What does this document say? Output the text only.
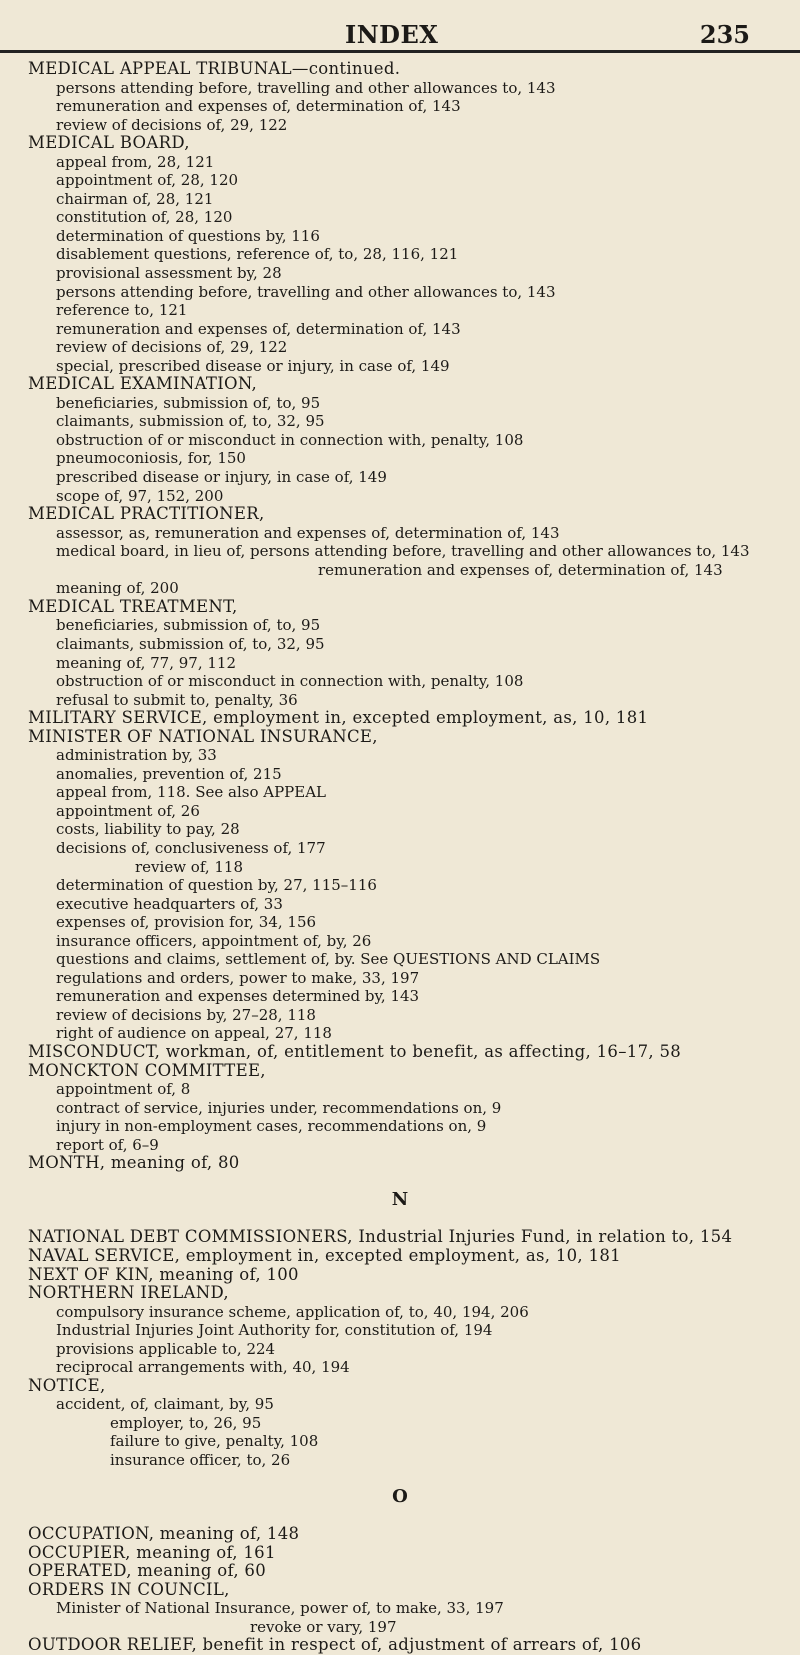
INDEX	235
MEDICAL APPEAL TRIBUNAL—continued.
persons attending before, travelling and other allowances to, 143
remuneration and expenses of, determination of, 143
review of decisions of, 29, 122
MEDICAL BOARD,
appeal from, 28, 121
appointment of, 28, 120
chairman of, 28, 121
constitution of, 28, 120
determination of questions by, 116
disablement questions, reference of, to, 28, 116, 121
provisional assessment by, 28
persons attending before, travelling and other allowances to, 143
reference to, 121
remuneration and expenses of, determination of, 143
review of decisions of, 29, 122
special, prescribed disease or injury, in case of, 149
MEDICAL EXAMINATION,
beneficiaries, submission of, to, 95
claimants, submission of, to, 32, 95
obstruction of or misconduct in connection with, penalty, 108
pneumoconiosis, for, 150
prescribed disease or injury, in case of, 149
scope of, 97, 152, 200
MEDICAL PRACTITIONER,
assessor, as, remuneration and expenses of, determination of, 143
medical board, in lieu of, persons attending before, travelling and other allowances to, 143
remuneration and expenses of, determination of, 143
meaning of, 200
MEDICAL TREATMENT,
beneficiaries, submission of, to, 95
claimants, submission of, to, 32, 95
meaning of, 77, 97, 112
obstruction of or misconduct in connection with, penalty, 108
refusal to submit to, penalty, 36
MILITARY SERVICE, employment in, excepted employment, as, 10, 181
MINISTER OF NATIONAL INSURANCE,
administration by, 33
anomalies, prevention of, 215
appeal from, 118. See also APPEAL
appointment of, 26
costs, liability to pay, 28
decisions of, conclusiveness of, 177
review of, 118
determination of question by, 27, 115–116
executive headquarters of, 33
expenses of, provision for, 34, 156
insurance officers, appointment of, by, 26
questions and claims, settlement of, by. See QUESTIONS AND CLAIMS
regulations and orders, power to make, 33, 197
remuneration and expenses determined by, 143
review of decisions by, 27–28, 118
right of audience on appeal, 27, 118
MISCONDUCT, workman, of, entitlement to benefit, as affecting, 16–17, 58
MONCKTON COMMITTEE,
appointment of, 8
contract of service, injuries under, recommendations on, 9
injury in non-employment cases, recommendations on, 9
report of, 6–9
MONTH, meaning of, 80
N
NATIONAL DEBT COMMISSIONERS, Industrial Injuries Fund, in relation to, 154
NAVAL SERVICE, employment in, excepted employment, as, 10, 181
NEXT OF KIN, meaning of, 100
NORTHERN IRELAND,
compulsory insurance scheme, application of, to, 40, 194, 206
Industrial Injuries Joint Authority for, constitution of, 194
provisions applicable to, 224
reciprocal arrangements with, 40, 194
NOTICE,
accident, of, claimant, by, 95
employer, to, 26, 95
failure to give, penalty, 108
insurance officer, to, 26
O
OCCUPATION, meaning of, 148
OCCUPIER, meaning of, 161
OPERATED, meaning of, 60
ORDERS IN COUNCIL,
Minister of National Insurance, power of, to make, 33, 197
revoke or vary, 197
OUTDOOR RELIEF, benefit in respect of, adjustment of arrears of, 106
